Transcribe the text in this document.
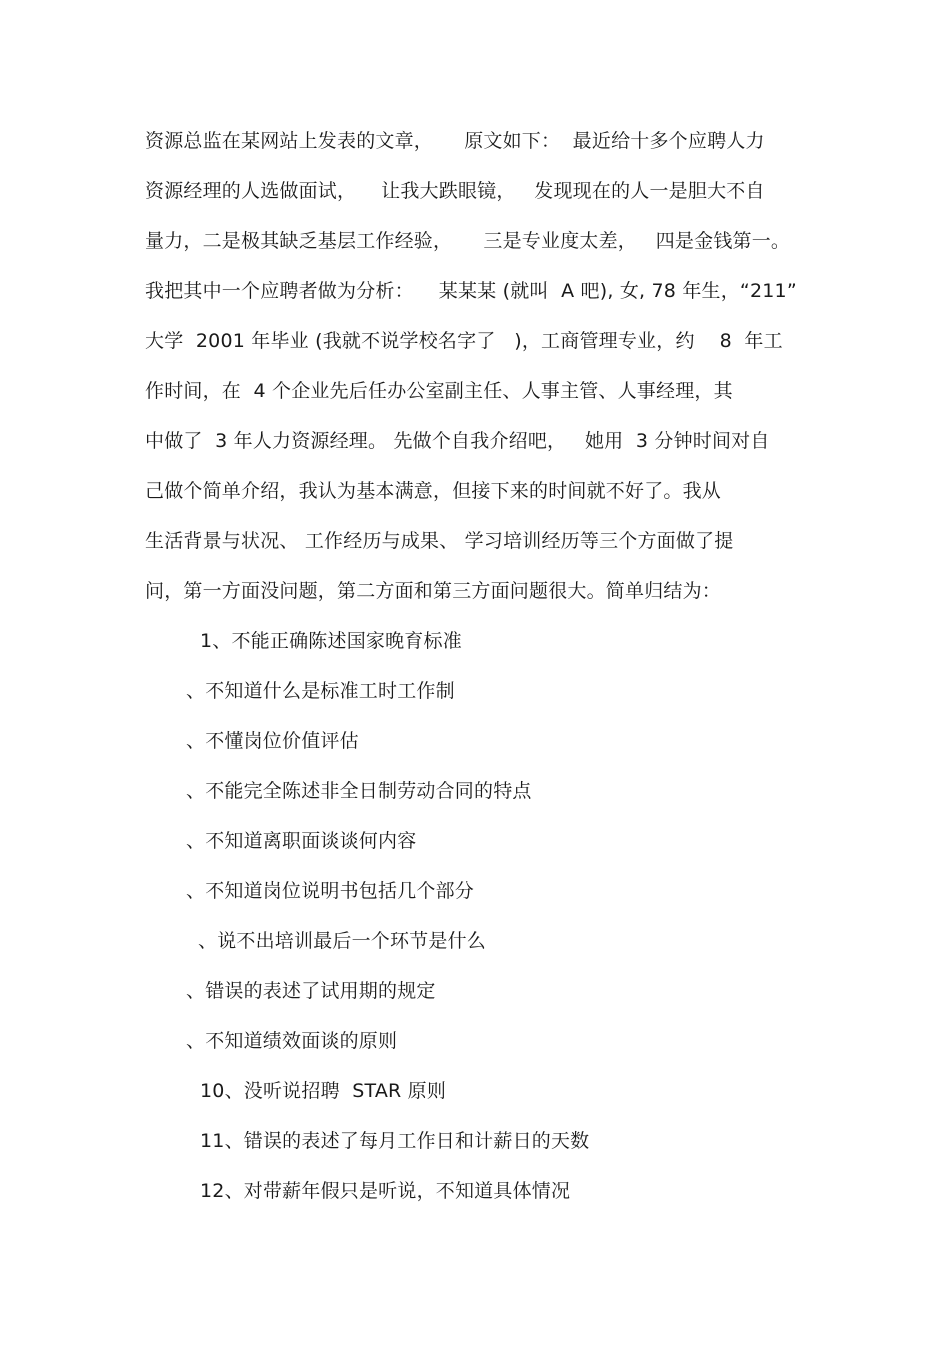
资源总监在某网站上发表的文章，     原文如下：  最近给十多个应聘人力
资源经理的人选做面试，    让我大跌眼镜，   发现现在的人一是胆大不自
量力，二是极其缺乏基层工作经验，     三是专业度太差，   四是金钱第一。
我把其中一个应聘者做为分析：    某某某 (就叫  A 吧), 女, 78 年生，“211”
大学  2001 年毕业 (我就不说学校名字了   )，工商管理专业，约    8  年工
作时间，在  4 个企业先后任办公室副主任、人事主管、人事经理，其
中做了  3 年人力资源经理。 先做个自我介绍吧，   她用  3 分钟时间对自
己做个简单介绍，我认为基本满意，但接下来的时间就不好了。我从
生活背景与状况、 工作经历与成果、 学习培训经历等三个方面做了提
问，第一方面没问题，第二方面和第三方面问题很大。简单归结为：
1、不能正确陈述国家晚育标准
、不知道什么是标准工时工作制
、不懂岗位价值评估
、不能完全陈述非全日制劳动合同的特点
、不知道离职面谈谈何内容
、不知道岗位说明书包括几个部分
、说不出培训最后一个环节是什么
、错误的表述了试用期的规定
、不知道绩效面谈的原则
10、没听说招聘  STAR 原则
11、错误的表述了每月工作日和计薪日的天数
12、对带薪年假只是听说，不知道具体情况
